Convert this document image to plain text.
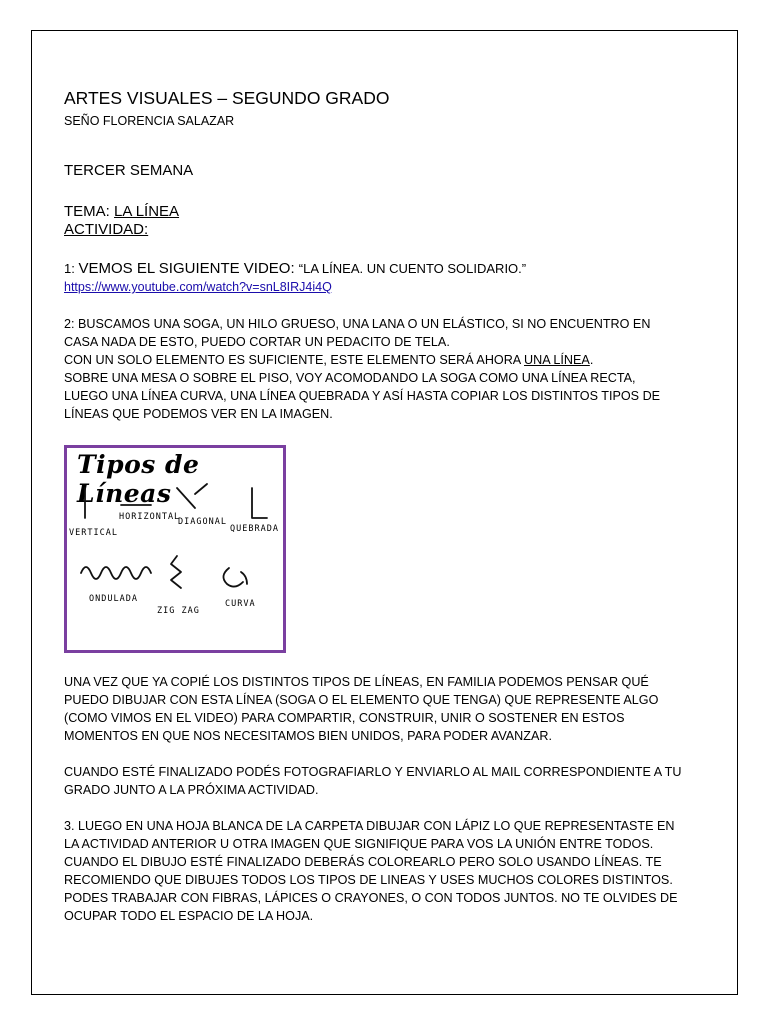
ARTES VISUALES – SEGUNDO GRADO
SEÑO FLORENCIA SALAZAR
TERCER SEMANA
TEMA: LA LÍNEA
ACTIVIDAD:
1: VEMOS EL SIGUIENTE VIDEO: “LA LÍNEA. UN CUENTO SOLIDARIO.”
https://www.youtube.com/watch?v=snL8IRJ4i4Q
2: BUSCAMOS UNA SOGA, UN HILO GRUESO, UNA LANA O UN ELÁSTICO, SI NO ENCUENTRO EN
CASA NADA DE ESTO, PUEDO CORTAR UN PEDACITO DE TELA.
CON UN SOLO ELEMENTO ES SUFICIENTE, ESTE ELEMENTO SERÁ AHORA UNA LÍNEA.
SOBRE UNA MESA O SOBRE EL PISO, VOY ACOMODANDO LA SOGA COMO UNA LÍNEA RECTA,
LUEGO UNA LÍNEA CURVA, UNA LÍNEA QUEBRADA Y ASÍ HASTA COPIAR LOS DISTINTOS TIPOS DE
LÍNEAS QUE PODEMOS VER EN LA IMAGEN.
Tipos de Líneas
VERTICAL
HORIZONTAL
DIAGONAL
QUEBRADA
ONDULADA
ZIG ZAG
CURVA
UNA VEZ QUE YA COPIÉ LOS DISTINTOS TIPOS DE LÍNEAS, EN FAMILIA PODEMOS PENSAR QUÉ
PUEDO DIBUJAR CON ESTA LÍNEA (SOGA O EL ELEMENTO QUE TENGA) QUE REPRESENTE ALGO
(COMO VIMOS EN EL VIDEO) PARA COMPARTIR, CONSTRUIR, UNIR O SOSTENER EN ESTOS
MOMENTOS EN QUE NOS NECESITAMOS BIEN UNIDOS, PARA PODER AVANZAR.
CUANDO ESTÉ FINALIZADO PODÉS FOTOGRAFIARLO Y ENVIARLO AL MAIL CORRESPONDIENTE A TU
GRADO JUNTO A LA PRÓXIMA ACTIVIDAD.
3. LUEGO EN UNA HOJA BLANCA DE LA CARPETA DIBUJAR CON LÁPIZ LO QUE REPRESENTASTE EN
LA ACTIVIDAD ANTERIOR U OTRA IMAGEN QUE SIGNIFIQUE PARA VOS LA UNIÓN ENTRE TODOS.
CUANDO EL DIBUJO ESTÉ FINALIZADO DEBERÁS COLOREARLO PERO SOLO USANDO LÍNEAS. TE
RECOMIENDO QUE DIBUJES TODOS LOS TIPOS DE LINEAS Y USES MUCHOS COLORES DISTINTOS.
PODES TRABAJAR CON FIBRAS, LÁPICES O CRAYONES, O CON TODOS JUNTOS. NO TE OLVIDES DE
OCUPAR TODO EL ESPACIO DE LA HOJA.
